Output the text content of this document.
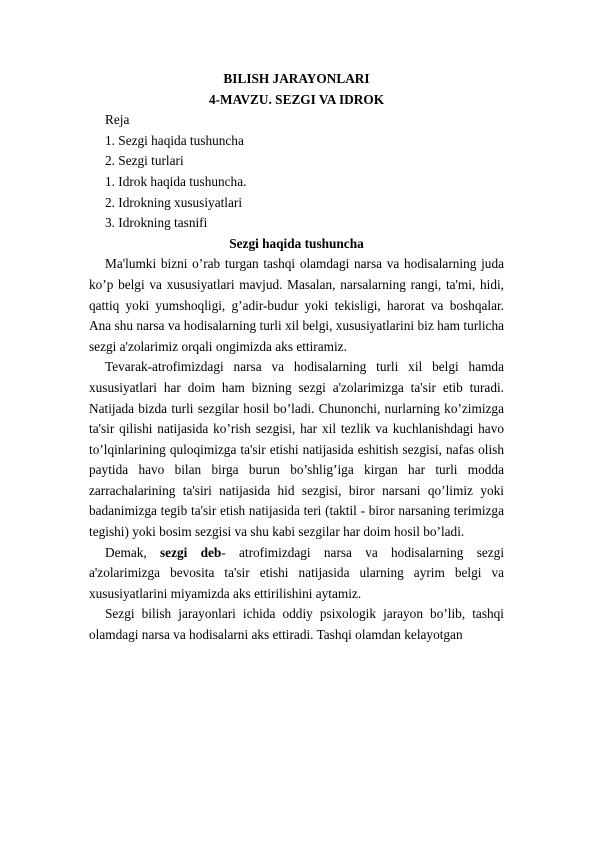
BILISH JARAYONLARI

4-MAVZU. SEZGI VA IDROK

Reja

1. Sezgi haqida tushuncha

2. Sezgi turlari

1. Idrok haqida tushuncha.

2. Idrokning xususiyatlari

3. Idrokning tasnifi

Sezgi haqida tushuncha

Ma'lumki bizni o’rab turgan tashqi olamdagi narsa va hodisalarning juda ko’p belgi va xususiyatlari mavjud. Masalan, narsalarning rangi, ta'mi, hidi, qattiq yoki yumshoqligi, g’adir-budur yoki tekisligi, harorat va boshqalar. Ana shu narsa va hodisalarning turli xil belgi, xususiyatlarini biz ham turlicha sezgi a'zolarimiz orqali ongimizda aks ettiramiz.

Tevarak-atrofimizdagi narsa va hodisalarning turli xil belgi hamda xususiyatlari har doim ham bizning sezgi a'zolarimizga ta'sir etib turadi. Natijada bizda turli sezgilar hosil bo’ladi. Chunonchi, nurlarning ko’zimizga ta'sir qilishi natijasida ko’rish sezgisi, har xil tezlik va kuchlanishdagi havo to’lqinlarining quloqimizga ta'sir etishi natijasida eshitish sezgisi, nafas olish paytida havo bilan birga burun bo’shlig’iga kirgan har turli modda zarrachalarining ta'siri natijasida hid sezgisi, biror narsani qo’limiz yoki badanimizga tegib ta'sir etish natijasida teri (taktil - biror narsaning terimizga tegishi) yoki bosim sezgisi va shu kabi sezgilar har doim hosil bo’ladi.

Demak, sezgi deb- atrofimizdagi narsa va hodisalarning sezgi a'zolarimizga bevosita ta'sir etishi natijasida ularning ayrim belgi va xususiyatlarini miyamizda aks ettirilishini aytamiz.

Sezgi bilish jarayonlari ichida oddiy psixologik jarayon bo’lib, tashqi olamdagi narsa va hodisalarni aks ettiradi. Tashqi olamdan kelayotgan
